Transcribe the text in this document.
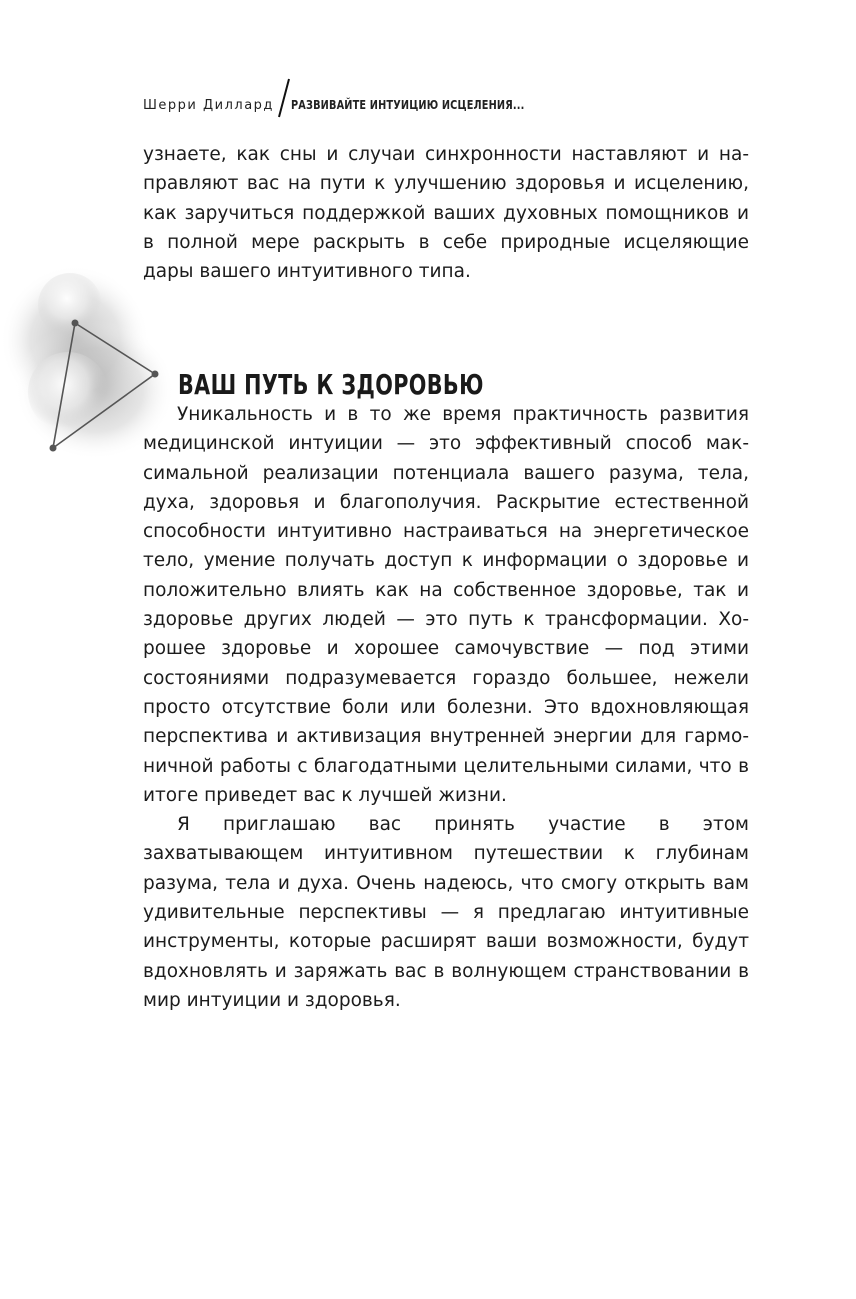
Шерри Диллард РАЗВИВАЙТЕ ИНТУИЦИЮ ИСЦЕЛЕНИЯ...

узнаете, как сны и случаи синхронности наставляют и направляют вас на пути к улучшению здоровья и исцелению, как заручиться поддержкой ваших духовных помощников и в полной мере раскрыть в себе природные исцеляющие дары вашего интуитивного типа.

ВАШ ПУТЬ К ЗДОРОВЬЮ

Уникальность и в то же время практичность развития медицинской интуиции — это эффективный способ максимальной реализации потенциала вашего разума, тела, духа, здоровья и благополучия. Раскрытие естественной способности интуитивно настраиваться на энергетическое тело, умение получать доступ к информации о здоровье и положительно влиять как на собственное здоровье, так и здоровье других людей — это путь к трансформации. Хорошее здоровье и хорошее самочувствие — под этими состояниями подразумевается гораздо большее, нежели просто отсутствие боли или болезни. Это вдохновляющая перспектива и активизация внутренней энергии для гармоничной работы с благодатными целительными силами, что в итоге приведет вас к лучшей жизни.

Я приглашаю вас принять участие в этом захватывающем интуитивном путешествии к глубинам разума, тела и духа. Очень надеюсь, что смогу открыть вам удивительные перспективы — я предлагаю интуитивные инструменты, которые расширят ваши возможности, будут вдохновлять и заряжать вас в волнующем странствовании в мир интуиции и здоровья.
